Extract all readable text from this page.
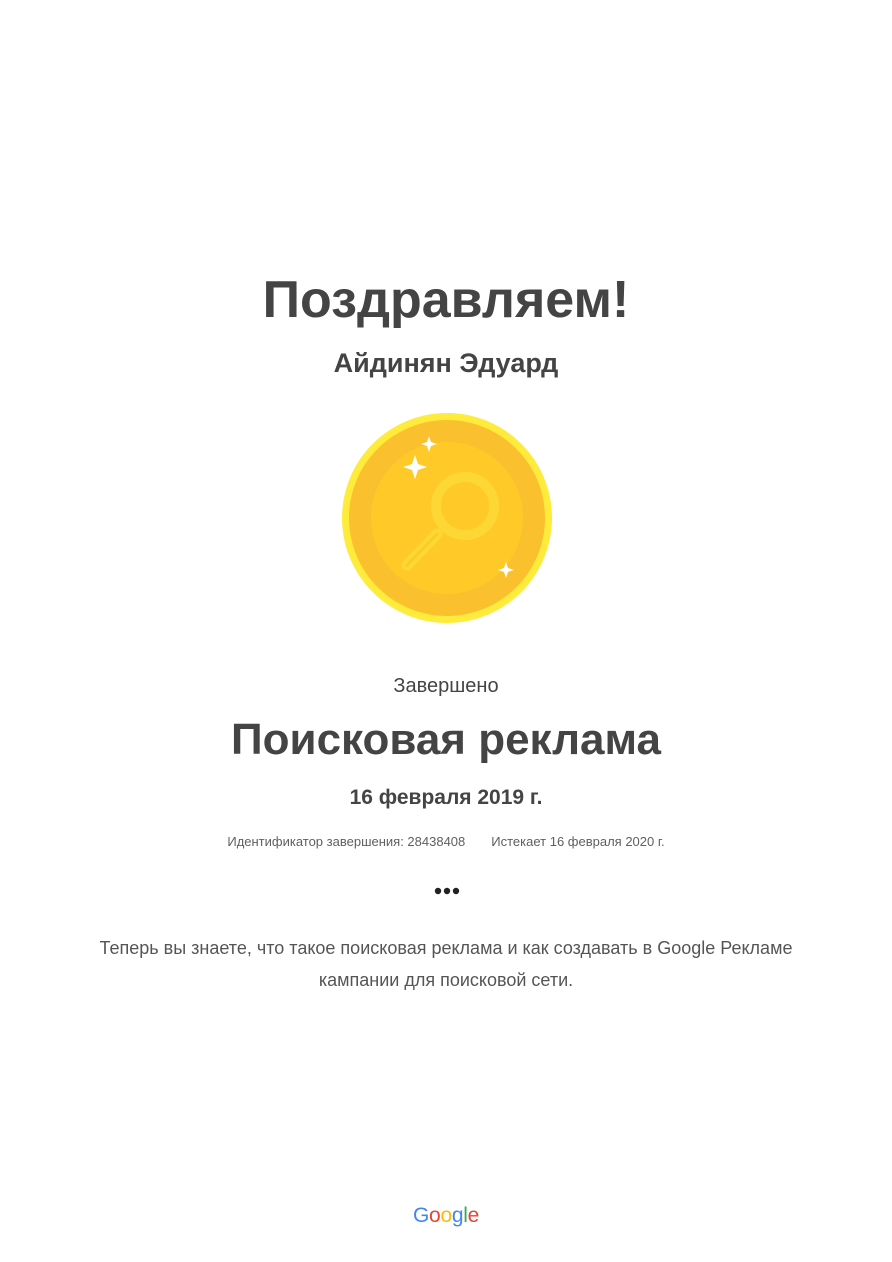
Поздравляем!
Айдинян Эдуард
Завершено
Поисковая реклама
16 февраля 2019 г.
Идентификатор завершения: 28438408 Истекает 16 февраля 2020 г.
Теперь вы знаете, что такое поисковая реклама и как создавать в Google Рекламе
кампании для поисковой сети.
Google
